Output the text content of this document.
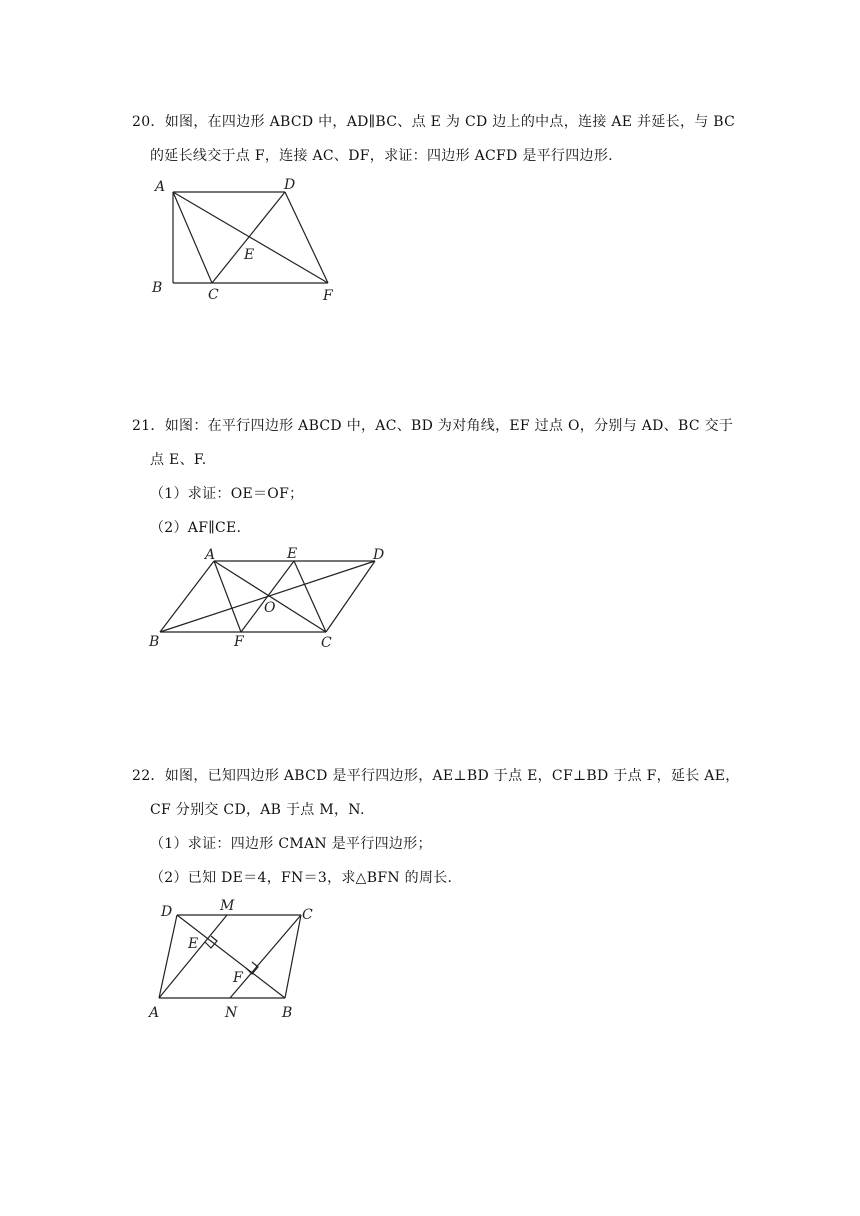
20．如图，在四边形 ABCD 中，AD∥BC、点 E 为 CD 边上的中点，连接 AE 并延长，与 BC
的延长线交于点 F，连接 AC、DF，求证：四边形 ACFD 是平行四边形.
A	D
E
B	C	F
21．如图：在平行四边形 ABCD 中，AC、BD 为对角线，EF 过点 O，分别与 AD、BC 交于
点 E、F.
（1）求证：OE＝OF；
（2）AF∥CE.
A	E	D
O
B	F	C
22．如图，已知四边形 ABCD 是平行四边形，AE⊥BD 于点 E，CF⊥BD 于点 F，延长 AE，
CF 分别交 CD，AB 于点 M，N.
（1）求证：四边形 CMAN 是平行四边形；
（2）已知 DE＝4，FN＝3，求△BFN 的周长.
D	M
C
E
F
A	N	B
